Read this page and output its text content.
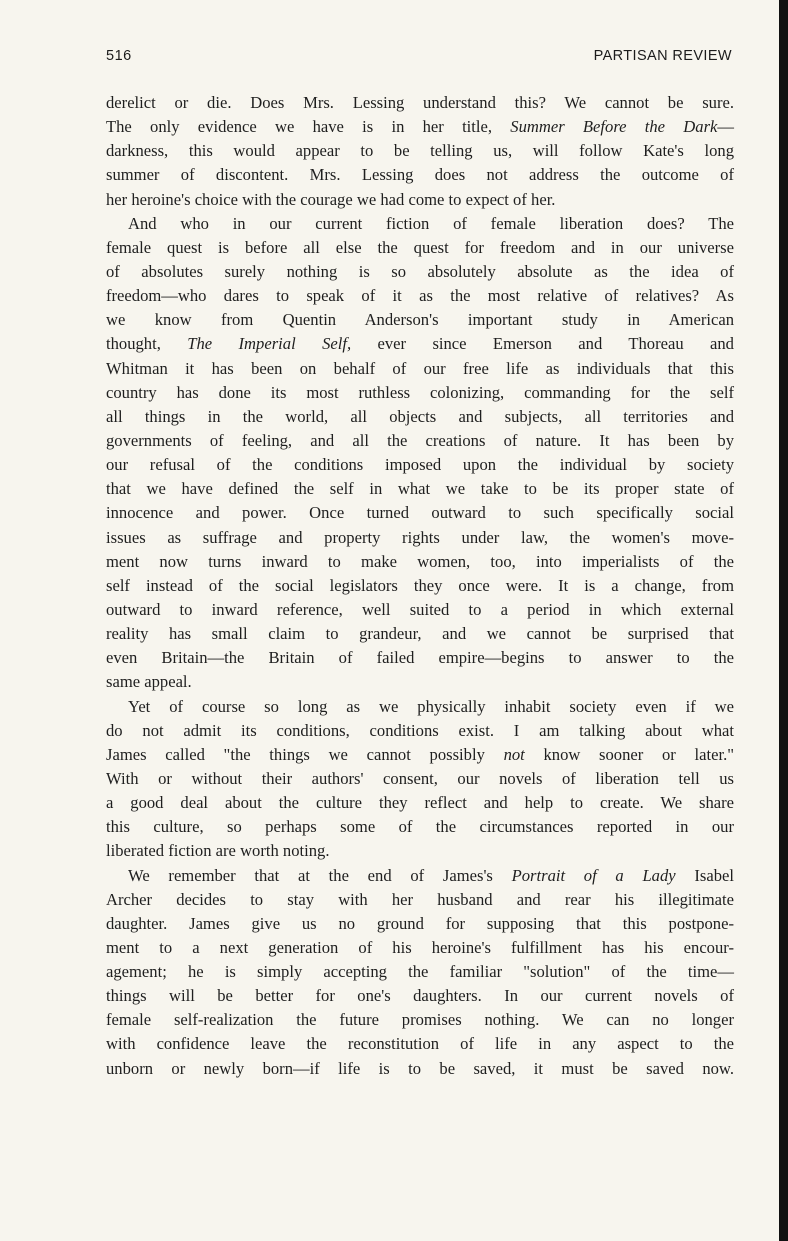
516	PARTISAN REVIEW
derelict or die. Does Mrs. Lessing understand this? We cannot be sure.
The only evidence we have is in her title, Summer Before the Dark—
darkness, this would appear to be telling us, will follow Kate's long
summer of discontent. Mrs. Lessing does not address the outcome of
her heroine's choice with the courage we had come to expect of her.
And who in our current fiction of female liberation does? The
female quest is before all else the quest for freedom and in our universe
of absolutes surely nothing is so absolutely absolute as the idea of
freedom—who dares to speak of it as the most relative of relatives? As
we know from Quentin Anderson's important study in American
thought, The Imperial Self, ever since Emerson and Thoreau and
Whitman it has been on behalf of our free life as individuals that this
country has done its most ruthless colonizing, commanding for the self
all things in the world, all objects and subjects, all territories and
governments of feeling, and all the creations of nature. It has been by
our refusal of the conditions imposed upon the individual by society
that we have defined the self in what we take to be its proper state of
innocence and power. Once turned outward to such specifically social
issues as suffrage and property rights under law, the women's move-
ment now turns inward to make women, too, into imperialists of the
self instead of the social legislators they once were. It is a change, from
outward to inward reference, well suited to a period in which external
reality has small claim to grandeur, and we cannot be surprised that
even Britain—the Britain of failed empire—begins to answer to the
same appeal.
Yet of course so long as we physically inhabit society even if we
do not admit its conditions, conditions exist. I am talking about what
James called "the things we cannot possibly not know sooner or later."
With or without their authors' consent, our novels of liberation tell us
a good deal about the culture they reflect and help to create. We share
this culture, so perhaps some of the circumstances reported in our
liberated fiction are worth noting.
We remember that at the end of James's Portrait of a Lady Isabel
Archer decides to stay with her husband and rear his illegitimate
daughter. James give us no ground for supposing that this postpone-
ment to a next generation of his heroine's fulfillment has his encour-
agement; he is simply accepting the familiar "solution" of the time—
things will be better for one's daughters. In our current novels of
female self-realization the future promises nothing. We can no longer
with confidence leave the reconstitution of life in any aspect to the
unborn or newly born—if life is to be saved, it must be saved now.
